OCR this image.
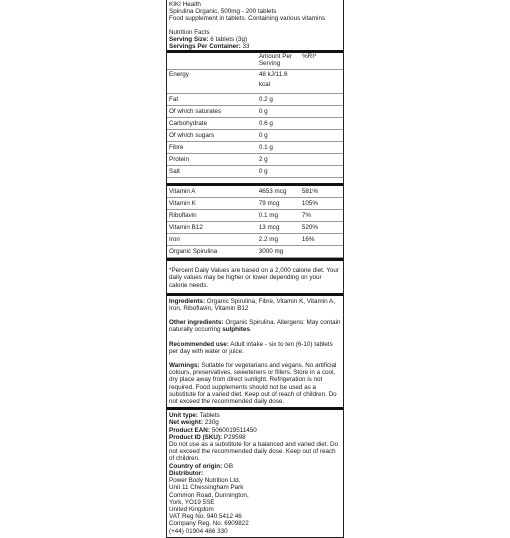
KIKI Health
Spirulina Organic, 500mg - 200 tablets
Food supplement in tablets. Containing various vitamins
Nutrition Facts
Serving Size: 6 tablets (3g)
Servings Per Container: 33
	Amount Per Serving	%RI*
Energy	48 kJ/11.6
kcal	

Fat	0.2 g	
Of which saturates	0 g	
Carbohydrate	0.6 g	
Of which sugars	0 g	
Fibre	0.1 g	
Protein	2 g	
Salt	0 g	
Vitamin A	4653 mcg	581%
Vitamin K	79 mcg	105%
Riboflavin	0.1 mg	7%
Vitamin B12	13 mcg	520%
Iron	2.2 mg	16%
Organic Spirulina	3000 mg	
*Percent Daily Values are based on a 2,000 calorie diet. Your daily values may be higher or lower depending on your calorie needs.
Ingredients: Organic Spirulina, Fibre, Vitamin K, Vitamin A, Iron, Riboflavin, Vitamin B12
Other ingredients: Organic Spirulina. Allergens: May contain naturally occurring sulphites.
Recommended use: Adult intake - six to ten (6-10) tablets per day with water or juice.
Warnings: Suitable for vegetarians and vegans. No artificial colours, preservatives, sweeteners or fillers. Store in a cool, dry place away from direct sunlight. Refrigeration is not required. Food supplements should not be used as a substitute for a varied diet. Keep out of reach of children. Do not exceed the recommended daily dose.
Unit type: Tablets
Net weight: 230g
Product EAN: 5060019511450
Product ID (SKU): P29598
Do not use as a substitute for a balanced and varied diet. Do not exceed the recommended daily dose. Keep out of reach of children.
Country of origin: GB
Distributor:
Power Body Nutrition Ltd.
Unit 11 Chessingham Park
Common Road, Dunnington,
York, YO19 5SE
United Kingdom
VAT Reg No. 940 5412 46
Company Reg. No. 6909822
(+44) 01904 486 330
